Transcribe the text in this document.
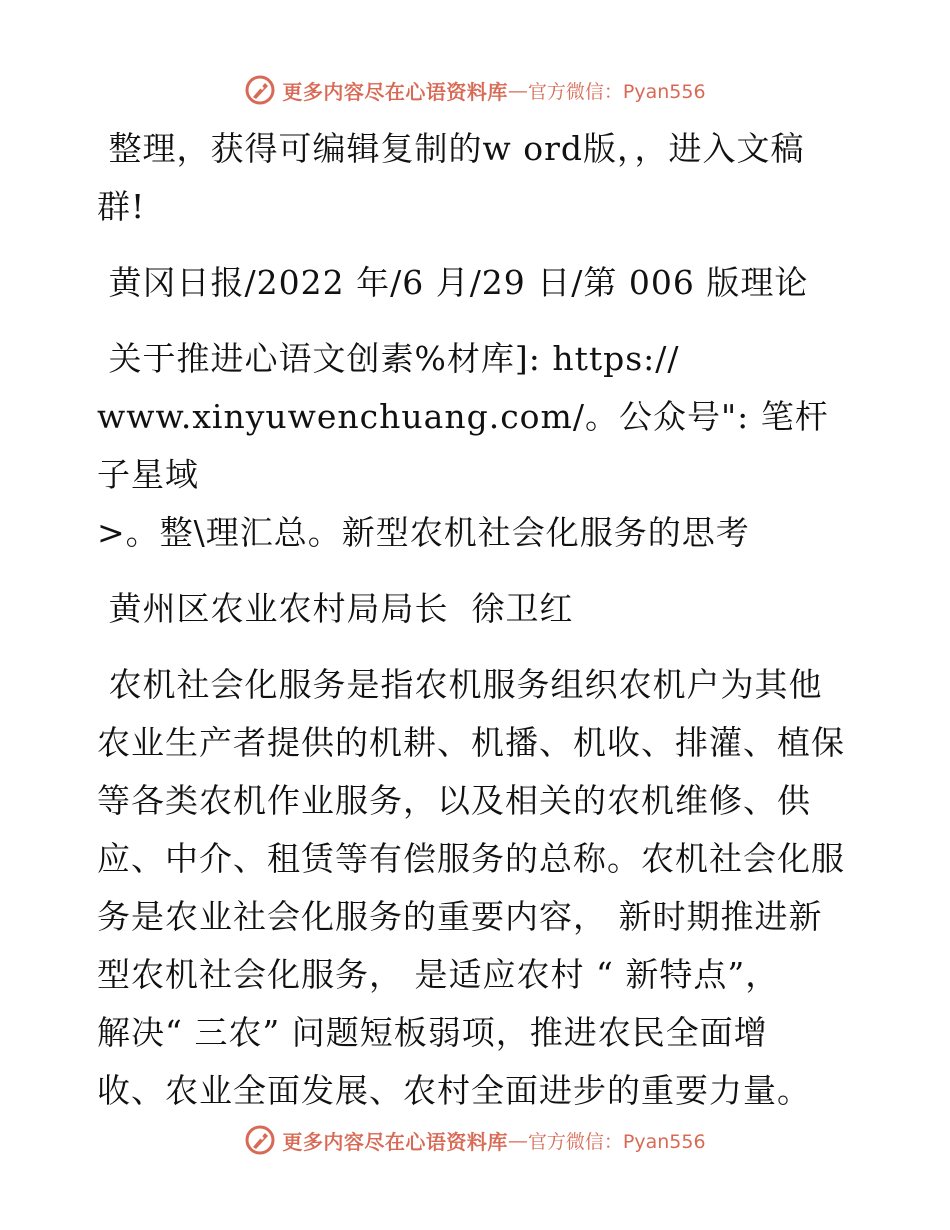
更多内容尽在心语资料库 — 官方微信：Pyan556

整理，获得可编辑复制的w ord版，，进入文稿

群!

黄冈日报/2022 年/6 月/29 日/第 006 版理论

关于推进心语文创素%材库]: https://

www.xinyuwenchuang.com/。公众号": 笔杆子星域

>。整\理汇总。新型农机社会化服务的思考

黄州区农业农村局局长  徐卫红

农机社会化服务是指农机服务组织农机户为其他

农业生产者提供的机耕、机播、机收、排灌、植保

等各类农机作业服务，以及相关的农机维修、供

应、中介、租赁等有偿服务的总称。农机社会化服

务是农业社会化服务的重要内容， 新时期推进新

型农机社会化服务， 是适应农村 “ 新特点”，

解决“ 三农” 问题短板弱项，推进农民全面增

收、农业全面发展、农村全面进步的重要力量。

更多内容尽在心语资料库 — 官方微信：Pyan556
